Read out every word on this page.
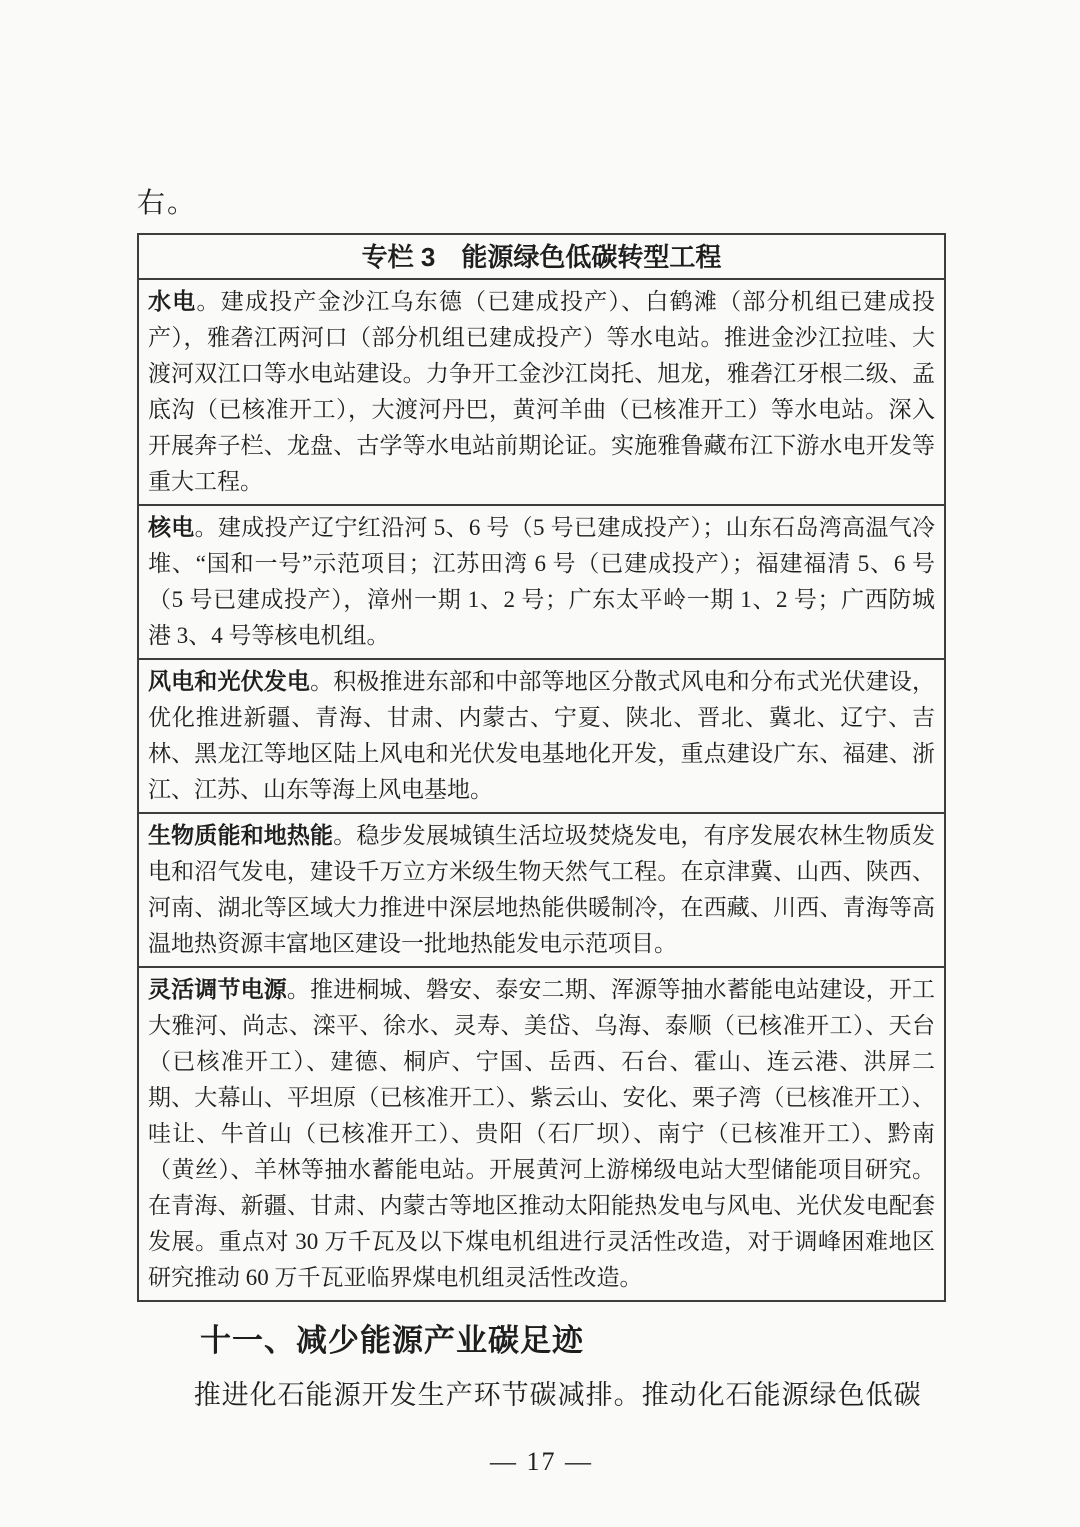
右。
专栏 3　能源绿色低碳转型工程
水电。建成投产金沙江乌东德（已建成投产）、白鹤滩（部分机组已建成投产），雅砻江两河口（部分机组已建成投产）等水电站。推进金沙江拉哇、大渡河双江口等水电站建设。力争开工金沙江岗托、旭龙，雅砻江牙根二级、孟底沟（已核准开工），大渡河丹巴，黄河羊曲（已核准开工）等水电站。深入开展奔子栏、龙盘、古学等水电站前期论证。实施雅鲁藏布江下游水电开发等重大工程。
核电。建成投产辽宁红沿河 5、6 号（5 号已建成投产）；山东石岛湾高温气冷堆、“国和一号”示范项目；江苏田湾 6 号（已建成投产）；福建福清 5、6 号（5 号已建成投产），漳州一期 1、2 号；广东太平岭一期 1、2 号；广西防城港 3、4 号等核电机组。
风电和光伏发电。积极推进东部和中部等地区分散式风电和分布式光伏建设，优化推进新疆、青海、甘肃、内蒙古、宁夏、陕北、晋北、冀北、辽宁、吉林、黑龙江等地区陆上风电和光伏发电基地化开发，重点建设广东、福建、浙江、江苏、山东等海上风电基地。
生物质能和地热能。稳步发展城镇生活垃圾焚烧发电，有序发展农林生物质发电和沼气发电，建设千万立方米级生物天然气工程。在京津冀、山西、陕西、河南、湖北等区域大力推进中深层地热能供暖制冷，在西藏、川西、青海等高温地热资源丰富地区建设一批地热能发电示范项目。
灵活调节电源。推进桐城、磐安、泰安二期、浑源等抽水蓄能电站建设，开工大雅河、尚志、滦平、徐水、灵寿、美岱、乌海、泰顺（已核准开工）、天台（已核准开工）、建德、桐庐、宁国、岳西、石台、霍山、连云港、洪屏二期、大幕山、平坦原（已核准开工）、紫云山、安化、栗子湾（已核准开工）、哇让、牛首山（已核准开工）、贵阳（石厂坝）、南宁（已核准开工）、黔南（黄丝）、羊林等抽水蓄能电站。开展黄河上游梯级电站大型储能项目研究。在青海、新疆、甘肃、内蒙古等地区推动太阳能热发电与风电、光伏发电配套发展。重点对 30 万千瓦及以下煤电机组进行灵活性改造，对于调峰困难地区研究推动 60 万千瓦亚临界煤电机组灵活性改造。
十一、减少能源产业碳足迹

推进化石能源开发生产环节碳减排。推动化石能源绿色低碳

— 17 —
